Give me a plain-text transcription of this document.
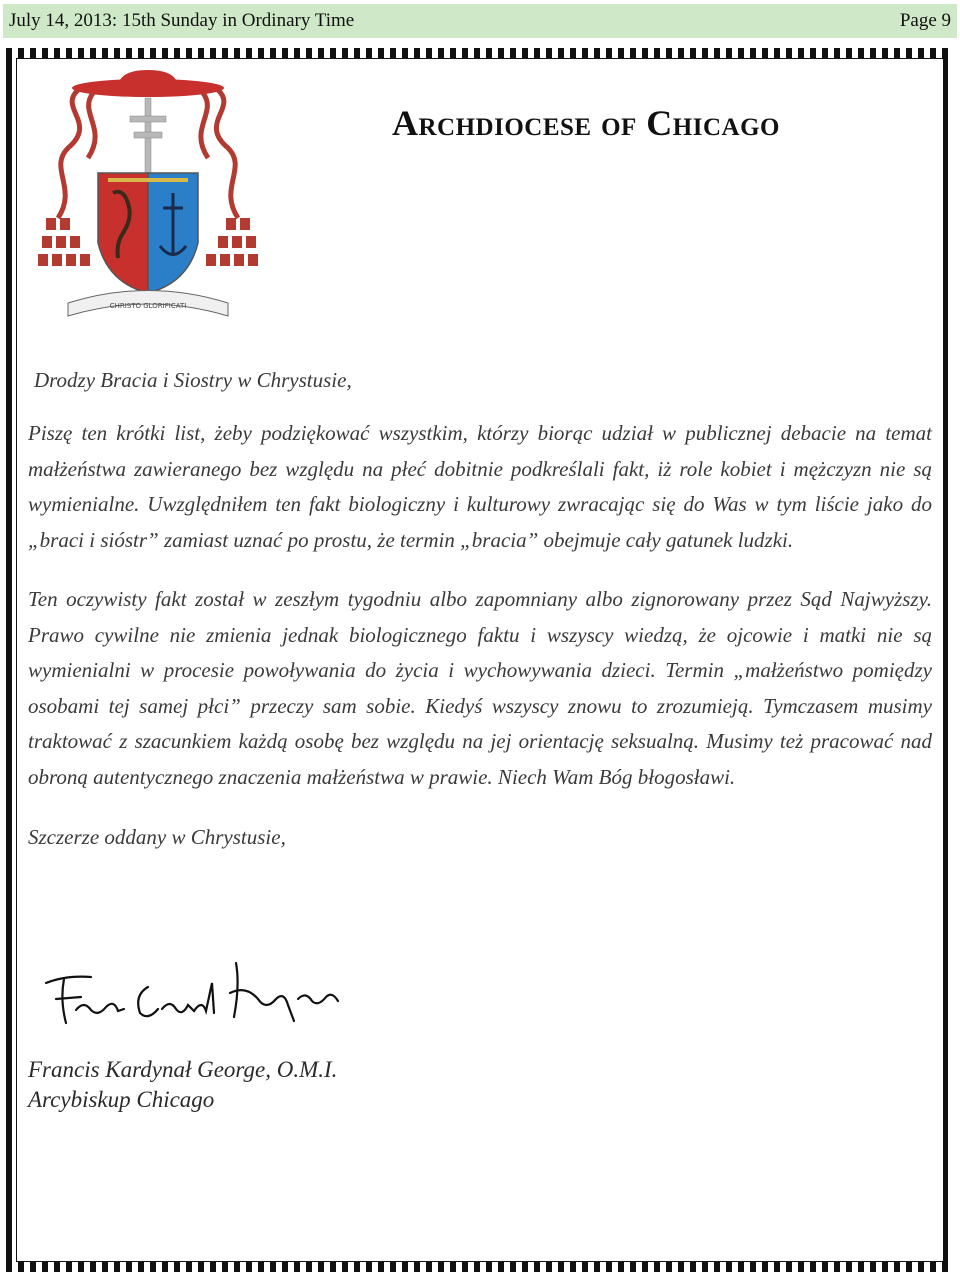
July 14, 2013: 15th Sunday in Ordinary Time	Page 9
CHRISTO GLORIFICATI
Archdiocese of Chicago

Drodzy Bracia i Siostry w Chrystusie,

Piszę ten krótki list, żeby podziękować wszystkim, którzy biorąc udział w publicznej debacie na temat małżeństwa zawieranego bez względu na płeć dobitnie podkreślali fakt, iż role kobiet i mężczyzn nie są wymienialne. Uwzględniłem ten fakt biologiczny i kulturowy zwracając się do Was w tym liście jako do „braci i sióstr” zamiast uznać po prostu, że termin „bracia” obejmuje cały gatunek ludzki.

Ten oczywisty fakt został w zeszłym tygodniu albo zapomniany albo zignorowany przez Sąd Najwyższy. Prawo cywilne nie zmienia jednak biologicznego faktu i wszyscy wiedzą, że ojcowie i matki nie są wymienialni w procesie powoływania do życia i wychowywania dzieci. Termin „małżeństwo pomiędzy osobami tej samej płci” przeczy sam sobie. Kiedyś wszyscy znowu to zrozumieją. Tymczasem musimy traktować z szacunkiem każdą osobę bez względu na jej orientację seksualną. Musimy też pracować nad obroną autentycznego znaczenia małżeństwa w prawie. Niech Wam Bóg błogosławi.

Szczerze oddany w Chrystusie,

Francis Kardynał George, O.M.I.
Arcybiskup Chicago
